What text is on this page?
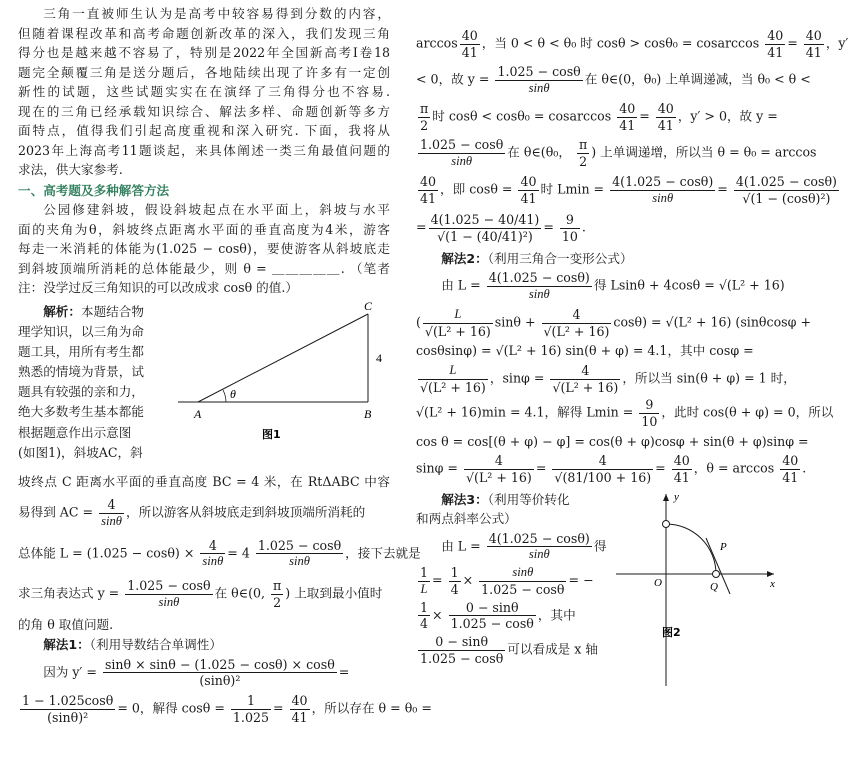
三角一直被师生认为是高考中较容易得到分数的内容，
但随着课程改革和高考命题创新改革的深入，我们发现三角
得分也是越来越不容易了，特别是2022年全国新高考Ⅰ卷18
题完全颠覆三角是送分题后，各地陆续出现了许多有一定创
新性的试题，这些试题实实在在演绎了三角得分也不容易.
现在的三角已经承载知识综合、解法多样、命题创新等多方
面特点，值得我们引起高度重视和深入研究. 下面，我将从
2023年上海高考11题谈起，来具体阐述一类三角最值问题的
求法，供大家参考.
一、高考题及多种解答方法
公园修建斜坡，假设斜坡起点在水平面上，斜坡与水平
面的夹角为θ，斜坡终点距离水平面的垂直高度为4米，游客
每走一米消耗的体能为(1.025 − cosθ)，要使游客从斜坡底走
到斜坡顶端所消耗的总体能最少，则 θ = ＿＿＿＿＿. （笔者
注：没学过反三角知识的可以改成求 cosθ 的值.）
解析：本题结合物
理学知识，以三角为命
题工具，用所有考生都
熟悉的情境为背景，试
题具有较强的亲和力，
绝大多数考生基本都能
根据题意作出示意图
(如图1)，斜坡AC，斜
A	B
C
4
θ
图1
坡终点 C 距离水平面的垂直高度 BC = 4 米，在 RtΔABC 中容
易得到 AC = $\frac{4}{\sin\theta}$ ，所以游客从斜坡底走到斜坡顶端所消耗的
总体能 $L = (1.025 - \cos\theta) \times \frac{4}{\sin\theta} = 4 \frac{1.025 - \cos\theta}{\sin\theta}$ ，接下去就是
求三角表达式 $y = \frac{1.025 - \cos\theta}{\sin\theta}$ 在 θ∈(0, $\frac{\pi}{2}$ ) 上取到最小值时
的角 θ 取值问题.
解法1：（利用导数结合单调性）
因为 $y' = \frac{\sin\theta \times \sin\theta - (1.025 - \cos\theta) \times \cos\theta}{\text{(sinθ)²}}$ =
$\frac{1 - 1.025\cos\theta}{\text{(sinθ)²}} = 0$，解得 $\cos\theta = \frac{1}{1.025} = \frac{40}{41}$ ，所以存在 θ = θ₀ =
$\arccos \frac{40}{41}$ ，当 0 < θ < θ₀ 时 cosθ > cosθ₀ = cosarccos $\frac{40}{41} = \frac{40}{41}$ ，y′
< 0，故 $y = \frac{1.025 - \cos\theta}{\sin\theta}$ 在 θ∈(0，θ₀) 上单调递减，当 θ₀ < θ <
$\frac{\pi}{2}$ 时 cosθ < cosθ₀ = cosarccos $\frac{40}{41} = \frac{40}{41}$ ，y′ > 0，故 y =
$\frac{1.025 - \cos\theta}{\sin\theta}$ 在 θ∈(θ₀， $\frac{\pi}{2}$ ) 上单调递增，所以当 θ = θ₀ = arccos
$\frac{40}{41}$ ，即 $\cos\theta = \frac{40}{41}$ 时 $Lmin = \frac{4(1.025 - \cos\theta)}{\sin\theta} = \frac{4(1.025 - \cos\theta)}{\text{√(1 − (cosθ)²)}}$
= $\frac{4(1.025 - 40/41)}{\text{√(1 − (40/41)²)}} = \frac{9}{10}$ .
解法2：（利用三角合一变形公式）
由 $L = \frac{4(1.025 - \cos\theta)}{\sin\theta}$ 得 Lsinθ + 4cosθ = √(L² + 16)
( $\frac{L}{\text{√(L² + 16)}}$ $\sin\theta + \frac{4}{\text{√(L² + 16)}} \cos\theta) = √(L^2 + 16)$ (sinθcosφ +
cosθsinφ) = √(L² + 16) sin(θ + φ) = 4.1，其中 cosφ =
$\frac{L}{\text{√(L² + 16)}}$ ，$\sin\varphi = \frac{4}{\text{√(L² + 16)}}$ ，所以当 sin(θ + φ) = 1 时，
√(L² + 16)min = 4.1，解得 $Lmin = \frac{9}{10}$ ，此时 cos(θ + φ) = 0，所以
cos θ = cos[(θ + φ) − φ] = cos(θ + φ)cosφ + sin(θ + φ)sinφ =
$\sin\varphi = \frac{4}{\text{√(L² + 16)}} = \frac{4}{√(81/100 + 16)} = \frac{40}{41}$ ，$\theta = \arccos \frac{40}{41}$ .
解法3：（利用等价转化
和两点斜率公式）
由 $L = \frac{4(1.025 - \cos\theta)}{\sin\theta}$ 得
$\frac{1}{L} = \frac{1}{4} \times \frac{\sin\theta}{1.025 - \cos\theta}$ = −
$\frac{1}{4} \times \frac{0 - \sin\theta}{1.025 - \cos\theta}$ ，其中
$\frac{0 - \sin\theta}{1.025 - \cos\theta}$ 可以看成是 x 轴
y
x
O
P
Q
图2
